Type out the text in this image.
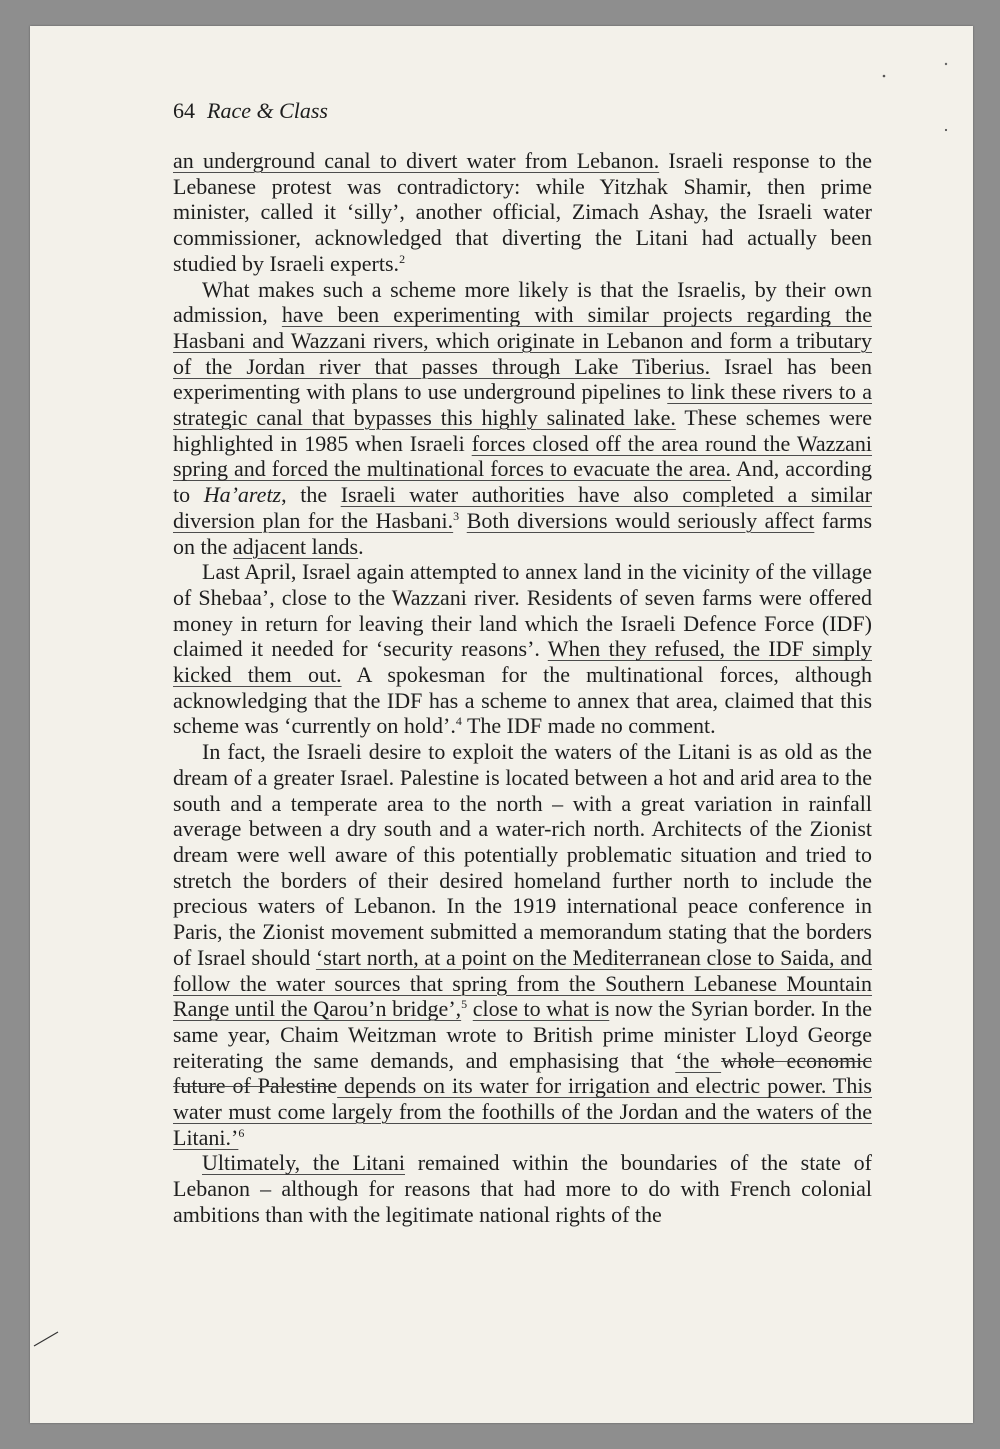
64 Race & Class

an underground canal to divert water from Lebanon. Israeli response to the Lebanese protest was contradictory: while Yitzhak Shamir, then prime minister, called it ‘silly’, another official, Zimach Ashay, the Israeli water commissioner, acknowledged that diverting the Litani had actually been studied by Israeli experts.$^2$

What makes such a scheme more likely is that the Israelis, by their own admission, have been experimenting with similar projects regarding the Hasbani and Wazzani rivers, which originate in Lebanon and form a tributary of the Jordan river that passes through Lake Tiberius. Israel has been experimenting with plans to use underground pipelines to link these rivers to a strategic canal that bypasses this highly salinated lake. These schemes were highlighted in 1985 when Israeli forces closed off the area round the Wazzani spring and forced the multinational forces to evacuate the area. And, according to Ha’aretz, the Israeli water authorities have also completed a similar diversion plan for the Hasbani.$^3$ Both diversions would seriously affect farms on the adjacent lands.

Last April, Israel again attempted to annex land in the vicinity of the village of Shebaa’, close to the Wazzani river. Residents of seven farms were offered money in return for leaving their land which the Israeli Defence Force (IDF) claimed it needed for ‘security reasons’. When they refused, the IDF simply kicked them out. A spokesman for the multinational forces, although acknowledging that the IDF has a scheme to annex that area, claimed that this scheme was ‘currently on hold’.$^4$ The IDF made no comment.

In fact, the Israeli desire to exploit the waters of the Litani is as old as the dream of a greater Israel. Palestine is located between a hot and arid area to the south and a temperate area to the north – with a great variation in rainfall average between a dry south and a water-rich north. Architects of the Zionist dream were well aware of this potentially problematic situation and tried to stretch the borders of their desired homeland further north to include the precious waters of Lebanon. In the 1919 international peace conference in Paris, the Zionist movement submitted a memorandum stating that the borders of Israel should ‘start north, at a point on the Mediterranean close to Saida, and follow the water sources that spring from the Southern Lebanese Mountain Range until the Qarou’n bridge’,$^5$ close to what is now the Syrian border. In the same year, Chaim Weitzman wrote to British prime minister Lloyd George reiterating the same demands, and emphasising that ‘the whole economic future of Palestine depends on its water for irrigation and electric power. This water must come largely from the foothills of the Jordan and the waters of the Litani.’$^6$

Ultimately, the Litani remained within the boundaries of the state of Lebanon – although for reasons that had more to do with French colonial ambitions than with the legitimate national rights of the
